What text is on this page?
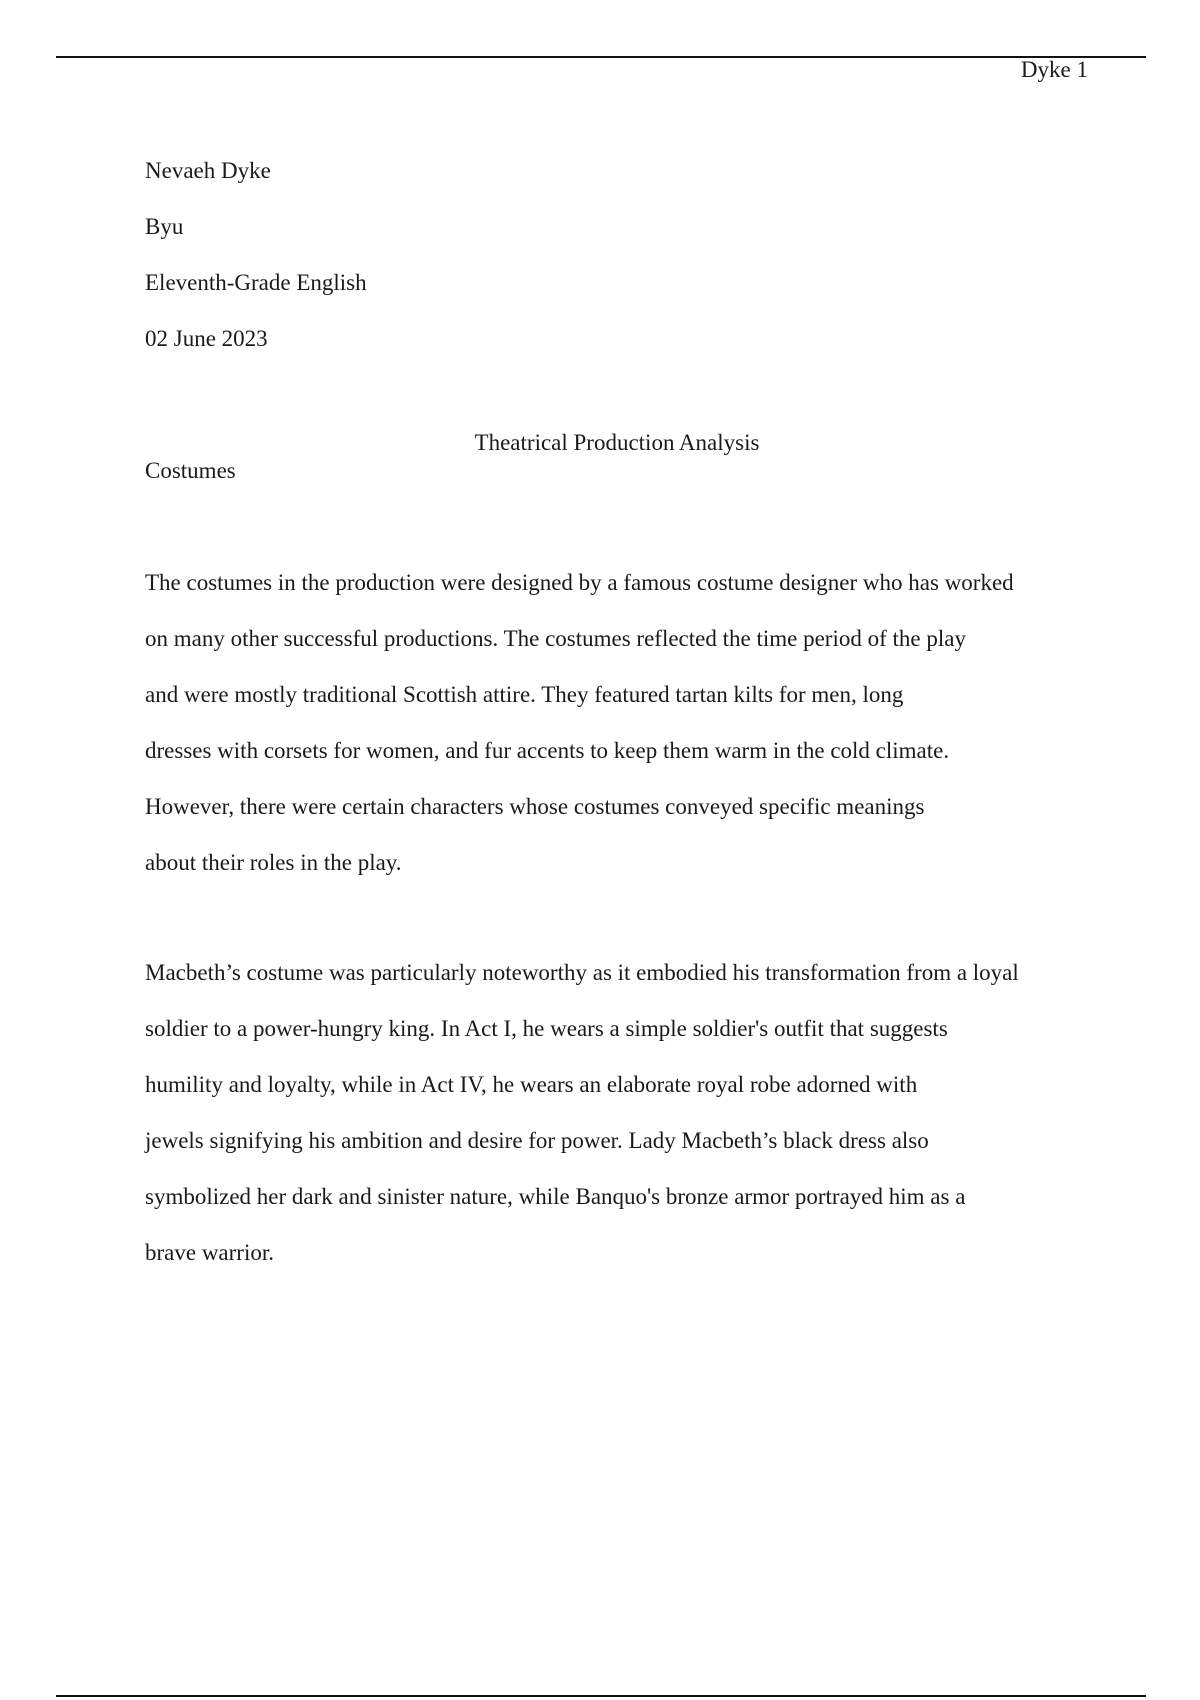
Dyke 1
Nevaeh Dyke
Byu
Eleventh-Grade English
02 June 2023
Theatrical Production Analysis
Costumes

The costumes in the production were designed by a famous costume designer who has worked
on many other successful productions. The costumes reflected the time period of the play
and were mostly traditional Scottish attire. They featured tartan kilts for men, long
dresses with corsets for women, and fur accents to keep them warm in the cold climate.
However, there were certain characters whose costumes conveyed specific meanings
about their roles in the play.

Macbeth’s costume was particularly noteworthy as it embodied his transformation from a loyal
soldier to a power-hungry king. In Act I, he wears a simple soldier's outfit that suggests
humility and loyalty, while in Act IV, he wears an elaborate royal robe adorned with
jewels signifying his ambition and desire for power. Lady Macbeth’s black dress also
symbolized her dark and sinister nature, while Banquo's bronze armor portrayed him as a
brave warrior.
